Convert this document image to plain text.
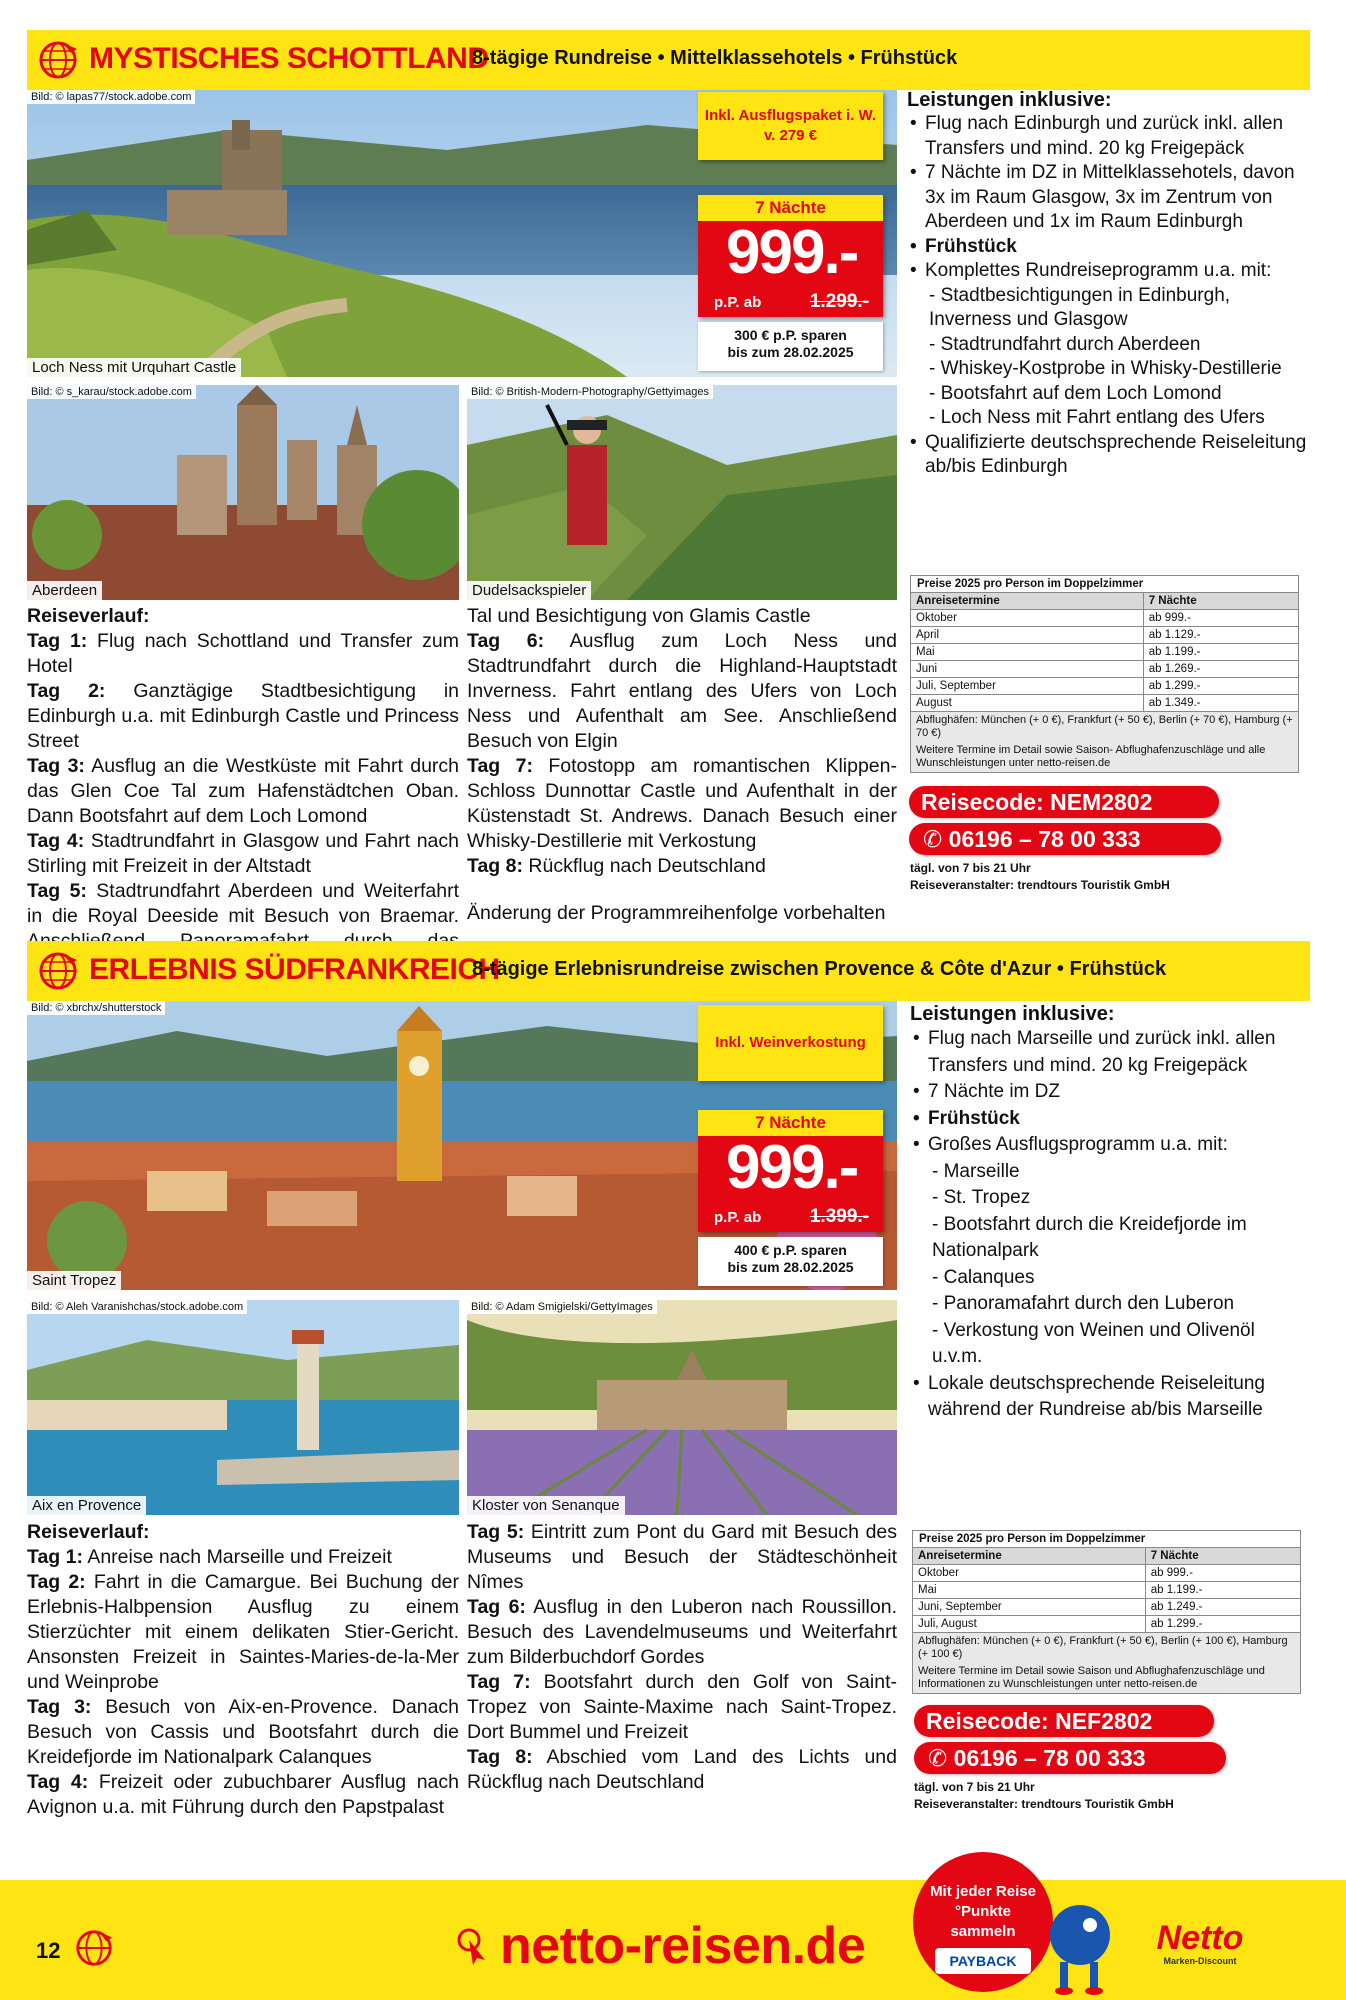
MYSTISCHES SCHOTTLAND
8-tägige Rundreise • Mittelklassehotels • Frühstück
Bild: © lapas77/stock.adobe.com
Loch Ness mit Urquhart Castle
Inkl. Ausflugspaket i. W. v. 279 €
7 Nächte
999.-
p.P. ab	1.299.-
300 € p.P. sparen
bis zum 28.02.2025
Bild: © s_karau/stock.adobe.com
Aberdeen
Bild: © British-Modern-Photography/Gettyimages
Dudelsackspieler
Leistungen inklusive:
• Flug nach Edinburgh und zurück inkl. allen Transfers und mind. 20 kg Freigepäck
• 7 Nächte im DZ in Mittelklassehotels, davon 3x im Raum Glasgow, 3x im Zentrum von Aberdeen und 1x im Raum Edinburgh
• Frühstück
• Komplettes Rundreiseprogramm u.a. mit:
- Stadtbesichtigungen in Edinburgh, Inverness und Glasgow
- Stadtrundfahrt durch Aberdeen
- Whiskey-Kostprobe in Whisky-Destillerie
- Bootsfahrt auf dem Loch Lomond
- Loch Ness mit Fahrt entlang des Ufers
• Qualifizierte deutschsprechende Reiseleitung ab/bis Edinburgh
Reiseverlauf:
Tag 1: Flug nach Schottland und Transfer zum Hotel
Tag 2: Ganztägige Stadtbesichtigung in Edinburgh u.a. mit Edinburgh Castle und Princess Street
Tag 3: Ausflug an die Westküste mit Fahrt durch das Glen Coe Tal zum Hafenstädtchen Oban. Dann Bootsfahrt auf dem Loch Lomond
Tag 4: Stadtrundfahrt in Glasgow und Fahrt nach Stirling mit Freizeit in der Altstadt
Tag 5: Stadtrundfahrt Aberdeen und Weiterfahrt in die Royal Deeside mit Besuch von Braemar.
Tal und Besichtigung von Glamis Castle
Tag 6: Ausflug zum Loch Ness und Stadtrundfahrt durch die Highland-Hauptstadt Inverness. Fahrt entlang des Ufers von Loch Ness und Aufenthalt am See. Anschließend Besuch von Elgin
Tag 7: Fotostopp am romantischen Klippen-Schloss Dunnottar Castle und Aufenthalt in der Küstenstadt St. Andrews. Danach Besuch einer Whisky-Destillerie mit Verkostung
Tag 8: Rückflug nach Deutschland
Änderung der Programmreihenfolge vorbehalten
Preise 2025 pro Person im Doppelzimmer
Anreisetermine	7 Nächte
Oktober	ab 999.-
April	ab 1.129.-
Mai	ab 1.199.-
Juni	ab 1.269.-
Juli, September	ab 1.299.-
August	ab 1.349.-
Abflughäfen: München (+ 0 €), Frankfurt (+ 50 €), Berlin (+ 70 €), Hamburg (+ 70 €)
Weitere Termine im Detail sowie Saison- Abflughafenzuschläge und alle Wunschleistungen unter netto-reisen.de
Reisecode: NEM2802
✆ 06196 – 78 00 333
tägl. von 7 bis 21 Uhr
Reiseveranstalter: trendtours Touristik GmbH
ERLEBNIS SÜDFRANKREICH
8-tägige Erlebnisrundreise zwischen Provence & Côte d'Azur • Frühstück
Bild: © xbrchx/shutterstock
Saint Tropez
Inkl. Weinverkostung
7 Nächte
999.-
p.P. ab	1.399.-
400 € p.P. sparen
bis zum 28.02.2025
Bild: © Aleh Varanishchas/stock.adobe.com
Aix en Provence
Bild: © Adam Smigielski/GettyImages
Kloster von Senanque
Leistungen inklusive:
• Flug nach Marseille und zurück inkl. allen Transfers und mind. 20 kg Freigepäck
• 7 Nächte im DZ
• Frühstück
• Großes Ausflugsprogramm u.a. mit:
- Marseille
- St. Tropez
- Bootsfahrt durch die Kreidefjorde im Nationalpark
- Calanques
- Panoramafahrt durch den Luberon
- Verkostung von Weinen und Olivenöl u.v.m.
• Lokale deutschsprechende Reiseleitung während der Rundreise ab/bis Marseille
Reiseverlauf:
Tag 1: Anreise nach Marseille und Freizeit
Tag 2: Fahrt in die Camargue. Bei Buchung der Erlebnis-Halbpension Ausflug zu einem Stierzüchter mit einem delikaten Stier-Gericht. Ansonsten Freizeit in Saintes-Maries-de-la-Mer und Weinprobe
Tag 3: Besuch von Aix-en-Provence. Danach Besuch von Cassis und Bootsfahrt durch die Kreidefjorde im Nationalpark Calanques
Tag 4: Freizeit oder zubuchbarer Ausflug nach Avignon u.a. mit Führung durch den Papstpalast
Tag 5: Eintritt zum Pont du Gard mit Besuch des Museums und Besuch der Städteschönheit Nîmes
Tag 6: Ausflug in den Luberon nach Roussillon. Besuch des Lavendelmuseums und Weiterfahrt zum Bilderbuchdorf Gordes
Tag 7: Bootsfahrt durch den Golf von Saint-Tropez von Sainte-Maxime nach Saint-Tropez. Dort Bummel und Freizeit
Tag 8: Abschied vom Land des Lichts und Rückflug nach Deutschland
Preise 2025 pro Person im Doppelzimmer
Anreisetermine	7 Nächte
Oktober	ab 999.-
Mai	ab 1.199.-
Juni, September	ab 1.249.-
Juli, August	ab 1.299.-
Abflughäfen: München (+ 0 €), Frankfurt (+ 50 €), Berlin (+ 100 €), Hamburg (+ 100 €)
Weitere Termine im Detail sowie Saison und Abflughafenzuschläge und Informationen zu Wunschleistungen unter netto-reisen.de
Reisecode: NEF2802
✆ 06196 – 78 00 333
tägl. von 7 bis 21 Uhr
Reiseveranstalter: trendtours Touristik GmbH
12	netto-reisen.de
Mit jeder Reise °Punkte sammeln
PAYBACK
Netto
Marken-Discount
